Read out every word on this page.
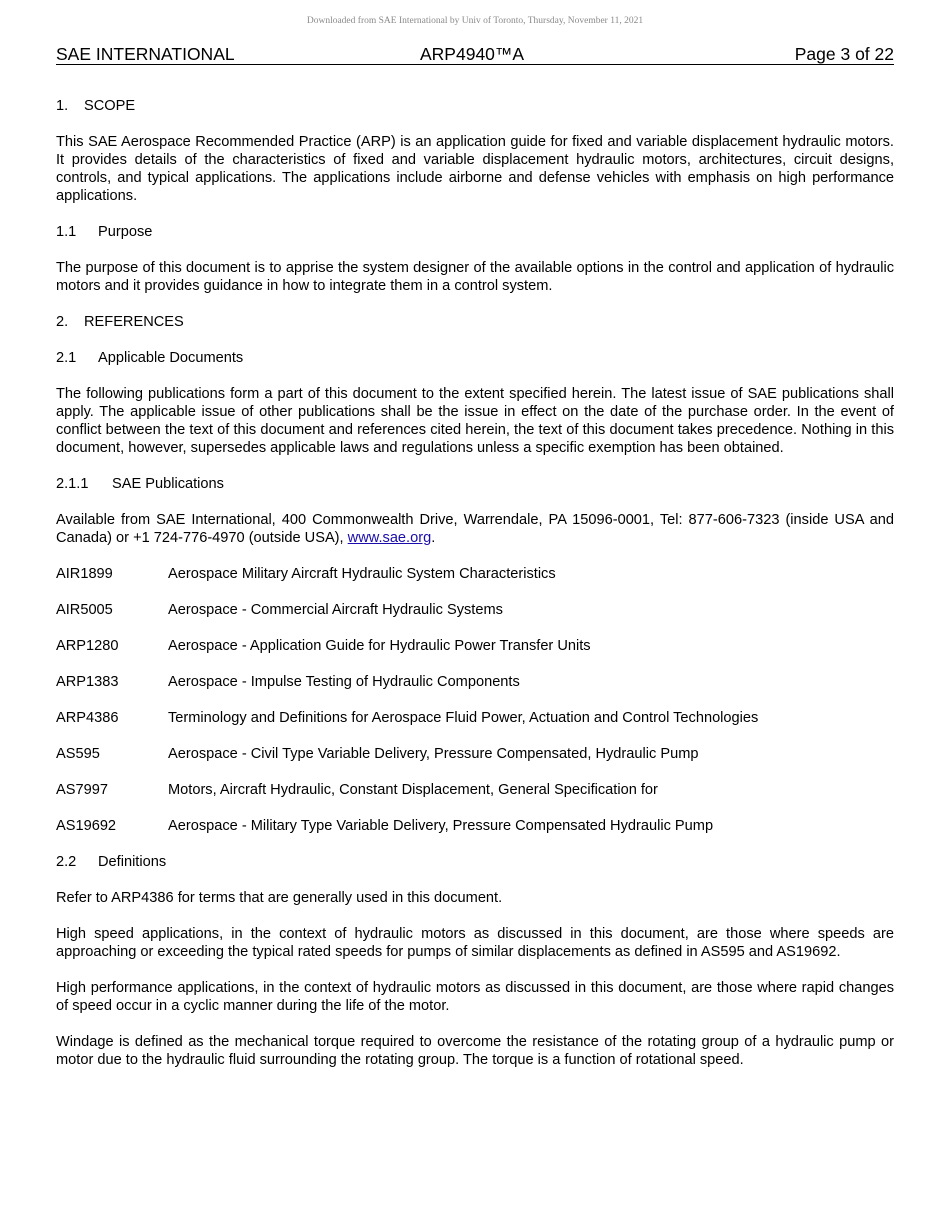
Downloaded from SAE International by Univ of Toronto, Thursday, November 11, 2021
SAE INTERNATIONAL	ARP4940™A	Page 3 of 22

1. SCOPE

This SAE Aerospace Recommended Practice (ARP) is an application guide for fixed and variable displacement hydraulic motors. It provides details of the characteristics of fixed and variable displacement hydraulic motors, architectures, circuit designs, controls, and typical applications. The applications include airborne and defense vehicles with emphasis on high performance applications.

1.1 Purpose

The purpose of this document is to apprise the system designer of the available options in the control and application of hydraulic motors and it provides guidance in how to integrate them in a control system.

2. REFERENCES

2.1 Applicable Documents

The following publications form a part of this document to the extent specified herein. The latest issue of SAE publications shall apply. The applicable issue of other publications shall be the issue in effect on the date of the purchase order. In the event of conflict between the text of this document and references cited herein, the text of this document takes precedence. Nothing in this document, however, supersedes applicable laws and regulations unless a specific exemption has been obtained.

2.1.1 SAE Publications

Available from SAE International, 400 Commonwealth Drive, Warrendale, PA 15096-0001, Tel: 877-606-7323 (inside USA and Canada) or +1 724-776-4970 (outside USA), www.sae.org.

AIR1899	Aerospace Military Aircraft Hydraulic System Characteristics

AIR5005	Aerospace - Commercial Aircraft Hydraulic Systems

ARP1280	Aerospace - Application Guide for Hydraulic Power Transfer Units

ARP1383	Aerospace - Impulse Testing of Hydraulic Components

ARP4386	Terminology and Definitions for Aerospace Fluid Power, Actuation and Control Technologies

AS595	Aerospace - Civil Type Variable Delivery, Pressure Compensated, Hydraulic Pump

AS7997	Motors, Aircraft Hydraulic, Constant Displacement, General Specification for

AS19692	Aerospace - Military Type Variable Delivery, Pressure Compensated Hydraulic Pump

2.2 Definitions

Refer to ARP4386 for terms that are generally used in this document.

High speed applications, in the context of hydraulic motors as discussed in this document, are those where speeds are approaching or exceeding the typical rated speeds for pumps of similar displacements as defined in AS595 and AS19692.

High performance applications, in the context of hydraulic motors as discussed in this document, are those where rapid changes of speed occur in a cyclic manner during the life of the motor.

Windage is defined as the mechanical torque required to overcome the resistance of the rotating group of a hydraulic pump or motor due to the hydraulic fluid surrounding the rotating group. The torque is a function of rotational speed.
